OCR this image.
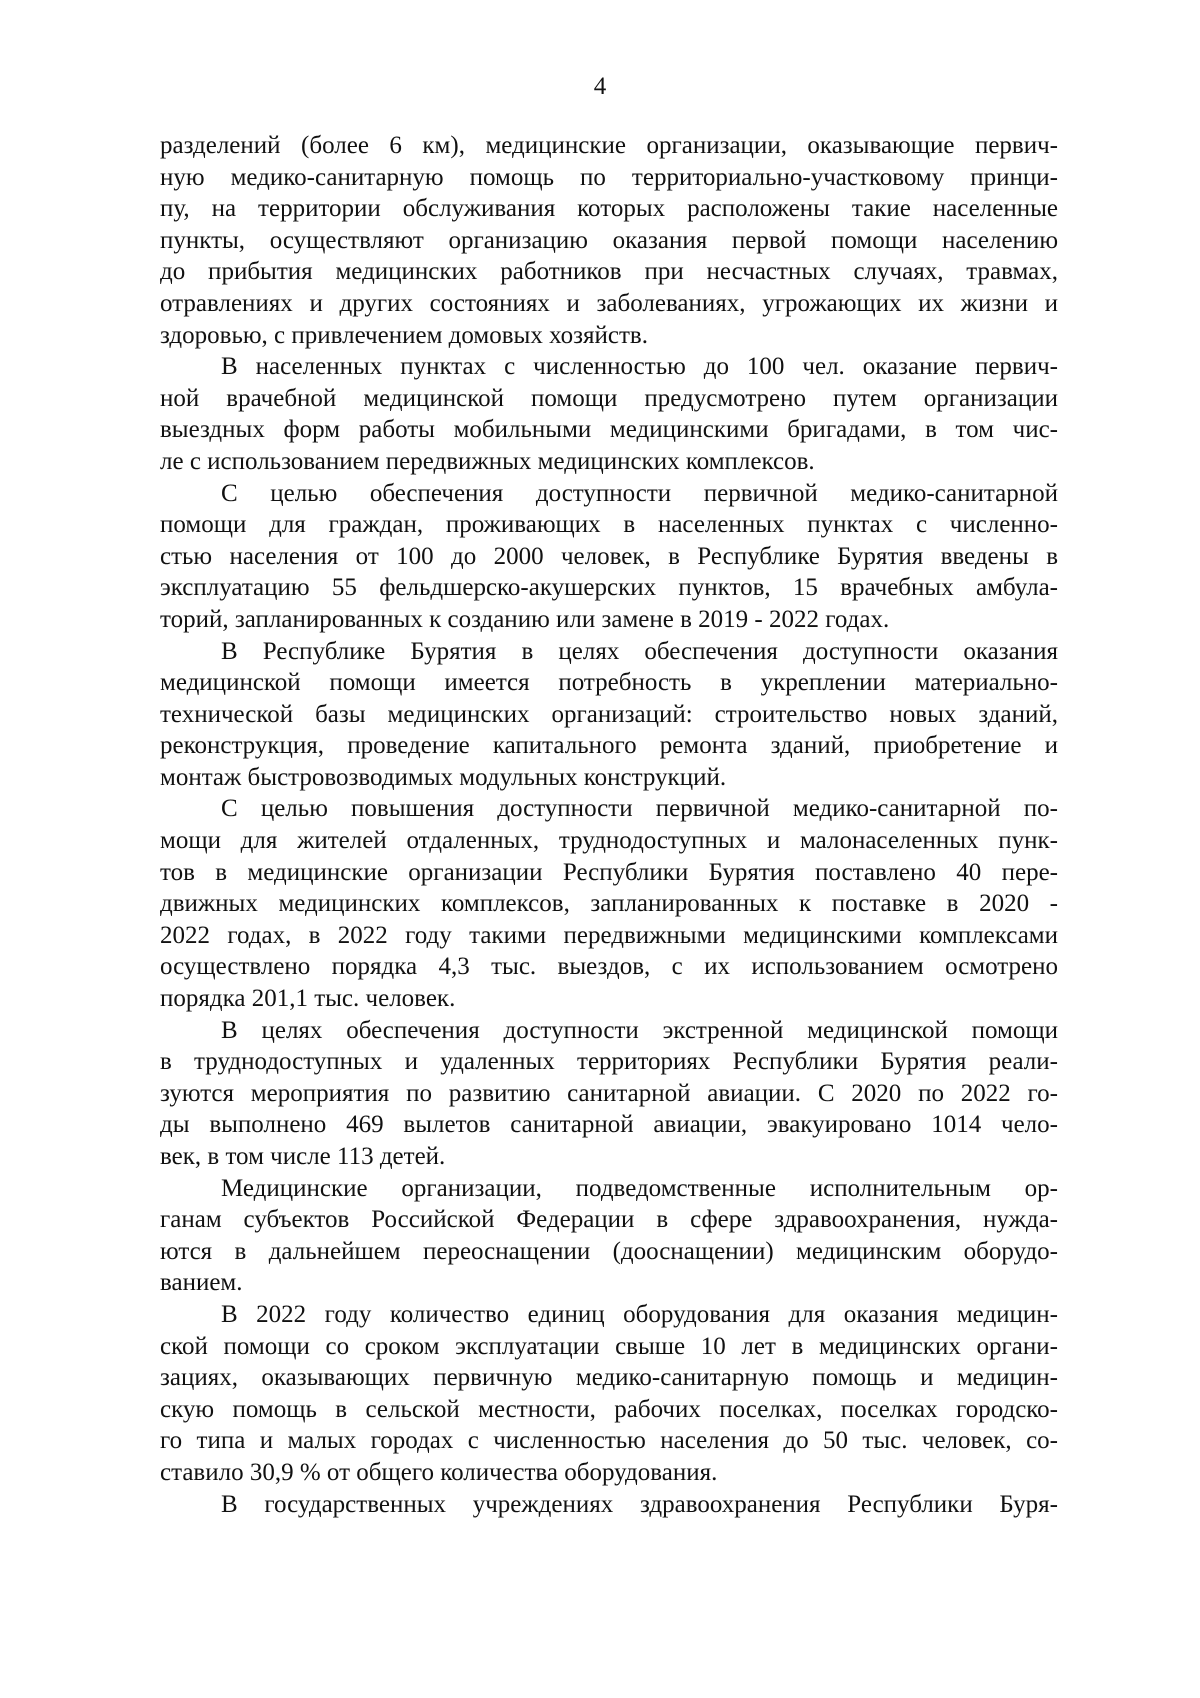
4

разделений (более 6 км), медицинские организации, оказывающие первич-
ную медико-санитарную помощь по территориально-участковому принци-
пу, на территории обслуживания которых расположены такие населенные
пункты, осуществляют организацию оказания первой помощи населению
до прибытия медицинских работников при несчастных случаях, травмах,
отравлениях и других состояниях и заболеваниях, угрожающих их жизни и
здоровью, с привлечением домовых хозяйств.

В населенных пунктах с численностью до 100 чел. оказание первич-
ной врачебной медицинской помощи предусмотрено путем организации
выездных форм работы мобильными медицинскими бригадами, в том чис-
ле с использованием передвижных медицинских комплексов.

С целью обеспечения доступности первичной медико-санитарной
помощи для граждан, проживающих в населенных пунктах с численно-
стью населения от 100 до 2000 человек, в Республике Бурятия введены в
эксплуатацию 55 фельдшерско-акушерских пунктов, 15 врачебных амбула-
торий, запланированных к созданию или замене в 2019 - 2022 годах.

В Республике Бурятия в целях обеспечения доступности оказания
медицинской помощи имеется потребность в укреплении материально-
технической базы медицинских организаций: строительство новых зданий,
реконструкция, проведение капитального ремонта зданий, приобретение и
монтаж быстровозводимых модульных конструкций.

С целью повышения доступности первичной медико-санитарной по-
мощи для жителей отдаленных, труднодоступных и малонаселенных пунк-
тов в медицинские организации Республики Бурятия поставлено 40 пере-
движных медицинских комплексов, запланированных к поставке в 2020 -
2022 годах, в 2022 году такими передвижными медицинскими комплексами
осуществлено порядка 4,3 тыс. выездов, с их использованием осмотрено
порядка 201,1 тыс. человек.

В целях обеспечения доступности экстренной медицинской помощи
в труднодоступных и удаленных территориях Республики Бурятия реали-
зуются мероприятия по развитию санитарной авиации. С 2020 по 2022 го-
ды выполнено 469 вылетов санитарной авиации, эвакуировано 1014 чело-
век, в том числе 113 детей.

Медицинские организации, подведомственные исполнительным ор-
ганам субъектов Российской Федерации в сфере здравоохранения, нужда-
ются в дальнейшем переоснащении (дооснащении) медицинским оборудо-
ванием.

В 2022 году количество единиц оборудования для оказания медицин-
ской помощи со сроком эксплуатации свыше 10 лет в медицинских органи-
зациях, оказывающих первичную медико-санитарную помощь и медицин-
скую помощь в сельской местности, рабочих поселках, поселках городско-
го типа и малых городах с численностью населения до 50 тыс. человек, со-
ставило 30,9 % от общего количества оборудования.

В государственных учреждениях здравоохранения Республики Буря-
